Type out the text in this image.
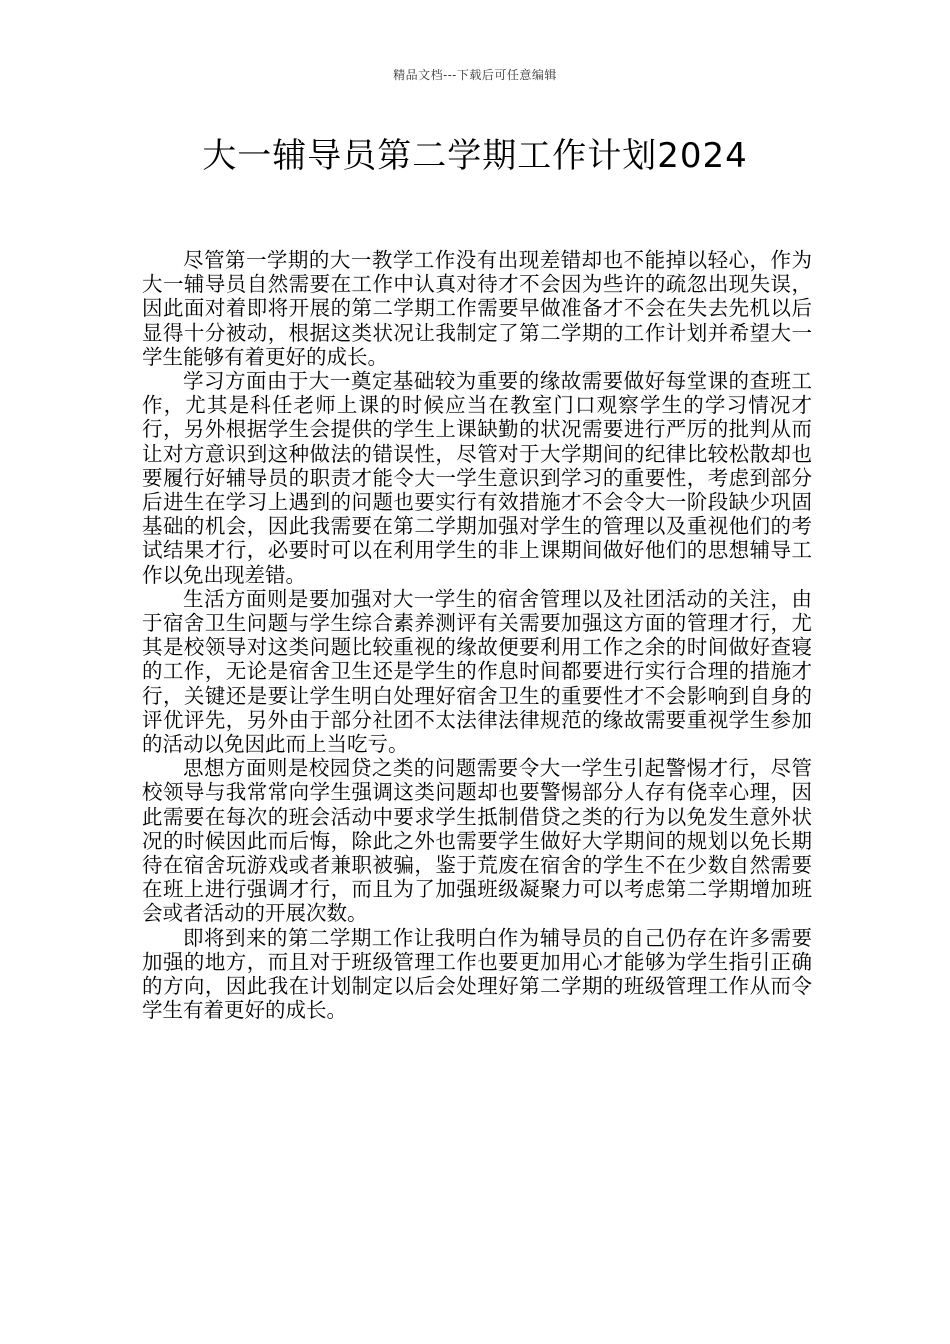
精品文档---下载后可任意编辑
大一辅导员第二学期工作计划2024

尽管第一学期的大一教学工作没有出现差错却也不能掉以轻心，作为大一辅导员自然需要在工作中认真对待才不会因为些许的疏忽出现失误，因此面对着即将开展的第二学期工作需要早做准备才不会在失去先机以后显得十分被动，根据这类状况让我制定了第二学期的工作计划并希望大一学生能够有着更好的成长。

学习方面由于大一奠定基础较为重要的缘故需要做好每堂课的查班工作，尤其是科任老师上课的时候应当在教室门口观察学生的学习情况才行，另外根据学生会提供的学生上课缺勤的状况需要进行严厉的批判从而让对方意识到这种做法的错误性，尽管对于大学期间的纪律比较松散却也要履行好辅导员的职责才能令大一学生意识到学习的重要性，考虑到部分后进生在学习上遇到的问题也要实行有效措施才不会令大一阶段缺少巩固基础的机会，因此我需要在第二学期加强对学生的管理以及重视他们的考试结果才行，必要时可以在利用学生的非上课期间做好他们的思想辅导工作以免出现差错。

生活方面则是要加强对大一学生的宿舍管理以及社团活动的关注，由于宿舍卫生问题与学生综合素养测评有关需要加强这方面的管理才行，尤其是校领导对这类问题比较重视的缘故便要利用工作之余的时间做好查寝的工作，无论是宿舍卫生还是学生的作息时间都要进行实行合理的措施才行，关键还是要让学生明白处理好宿舍卫生的重要性才不会影响到自身的评优评先，另外由于部分社团不太法律法律规范的缘故需要重视学生参加的活动以免因此而上当吃亏。

思想方面则是校园贷之类的问题需要令大一学生引起警惕才行，尽管校领导与我常常向学生强调这类问题却也要警惕部分人存有侥幸心理，因此需要在每次的班会活动中要求学生抵制借贷之类的行为以免发生意外状况的时候因此而后悔，除此之外也需要学生做好大学期间的规划以免长期待在宿舍玩游戏或者兼职被骗，鉴于荒废在宿舍的学生不在少数自然需要在班上进行强调才行，而且为了加强班级凝聚力可以考虑第二学期增加班会或者活动的开展次数。

即将到来的第二学期工作让我明白作为辅导员的自己仍存在许多需要加强的地方，而且对于班级管理工作也要更加用心才能够为学生指引正确的方向，因此我在计划制定以后会处理好第二学期的班级管理工作从而令学生有着更好的成长。
